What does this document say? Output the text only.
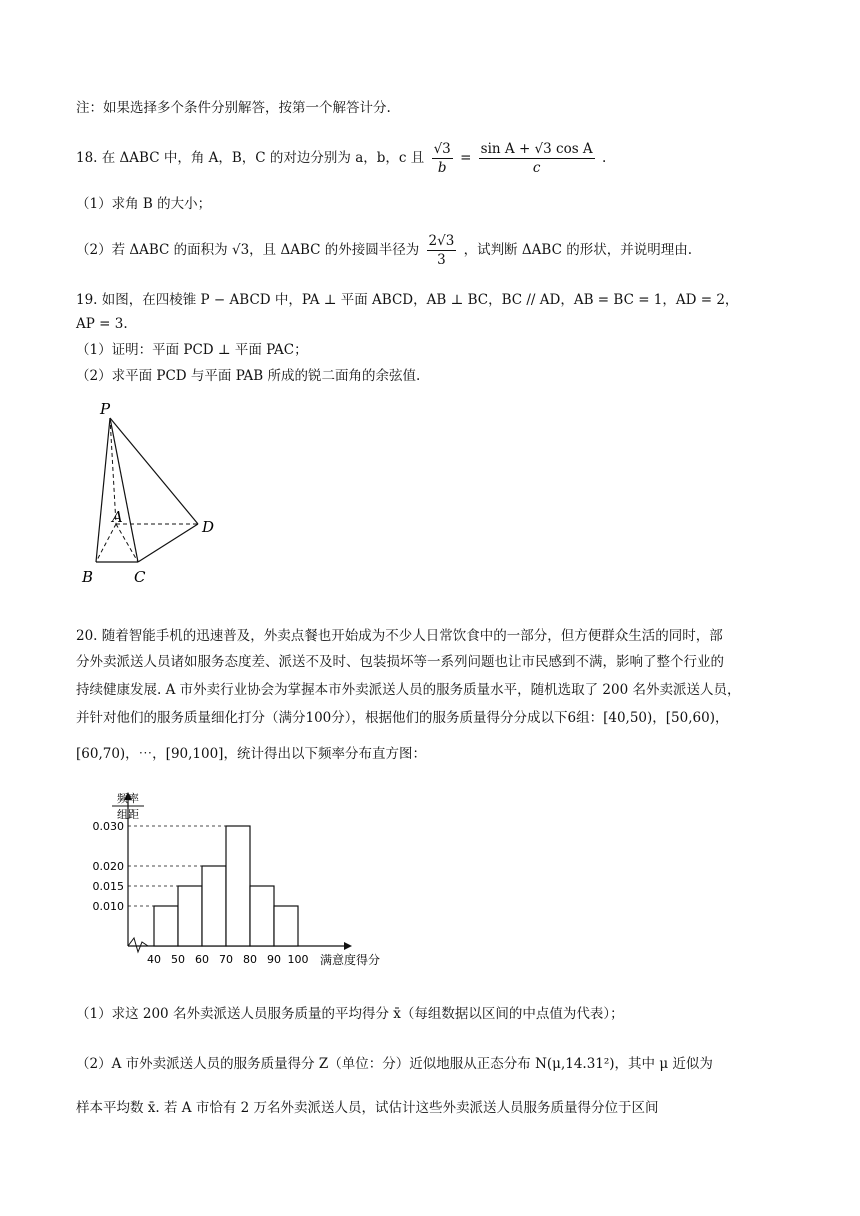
注：如果选择多个条件分别解答，按第一个解答计分.
18. 在 ΔABC 中，角 A，B，C 的对边分别为 a，b，c 且 $\frac{√3}{b} = \frac{\text{sin A + √3 cos A}}{c}$ .
（1）求角 B 的大小；
（2）若 ΔABC 的面积为 √3，且 ΔABC 的外接圆半径为 $\frac{2√3}{3}$ ，试判断 ΔABC 的形状，并说明理由.
19. 如图，在四棱锥 P − ABCD 中，PA ⊥ 平面 ABCD，AB ⊥ BC，BC // AD，AB = BC = 1，AD = 2，
AP = 3.
（1）证明：平面 PCD ⊥ 平面 PAC；
（2）求平面 PCD 与平面 PAB 所成的锐二面角的余弦值.
P
A
B	C
D
20. 随着智能手机的迅速普及，外卖点餐也开始成为不少人日常饮食中的一部分，但方便群众生活的同时，部
分外卖派送人员诸如服务态度差、派送不及时、包装损坏等一系列问题也让市民感到不满，影响了整个行业的
持续健康发展. A 市外卖行业协会为掌握本市外卖派送人员的服务质量水平，随机选取了 200 名外卖派送人员，
并针对他们的服务质量细化打分（满分100分），根据他们的服务质量得分分成以下6组：[40,50)，[50,60)，
[60,70)，⋯，[90,100]，统计得出以下频率分布直方图：
频率
组距
0.010
0.015
0.020
0.030
40 50 60 70 80 90 100 满意度得分
（1）求这 200 名外卖派送人员服务质量的平均得分 x̄（每组数据以区间的中点值为代表）；
（2）A 市外卖派送人员的服务质量得分 Z（单位：分）近似地服从正态分布 N(μ,14.31²)，其中 μ 近似为
样本平均数 x̄. 若 A 市恰有 2 万名外卖派送人员，试估计这些外卖派送人员服务质量得分位于区间
